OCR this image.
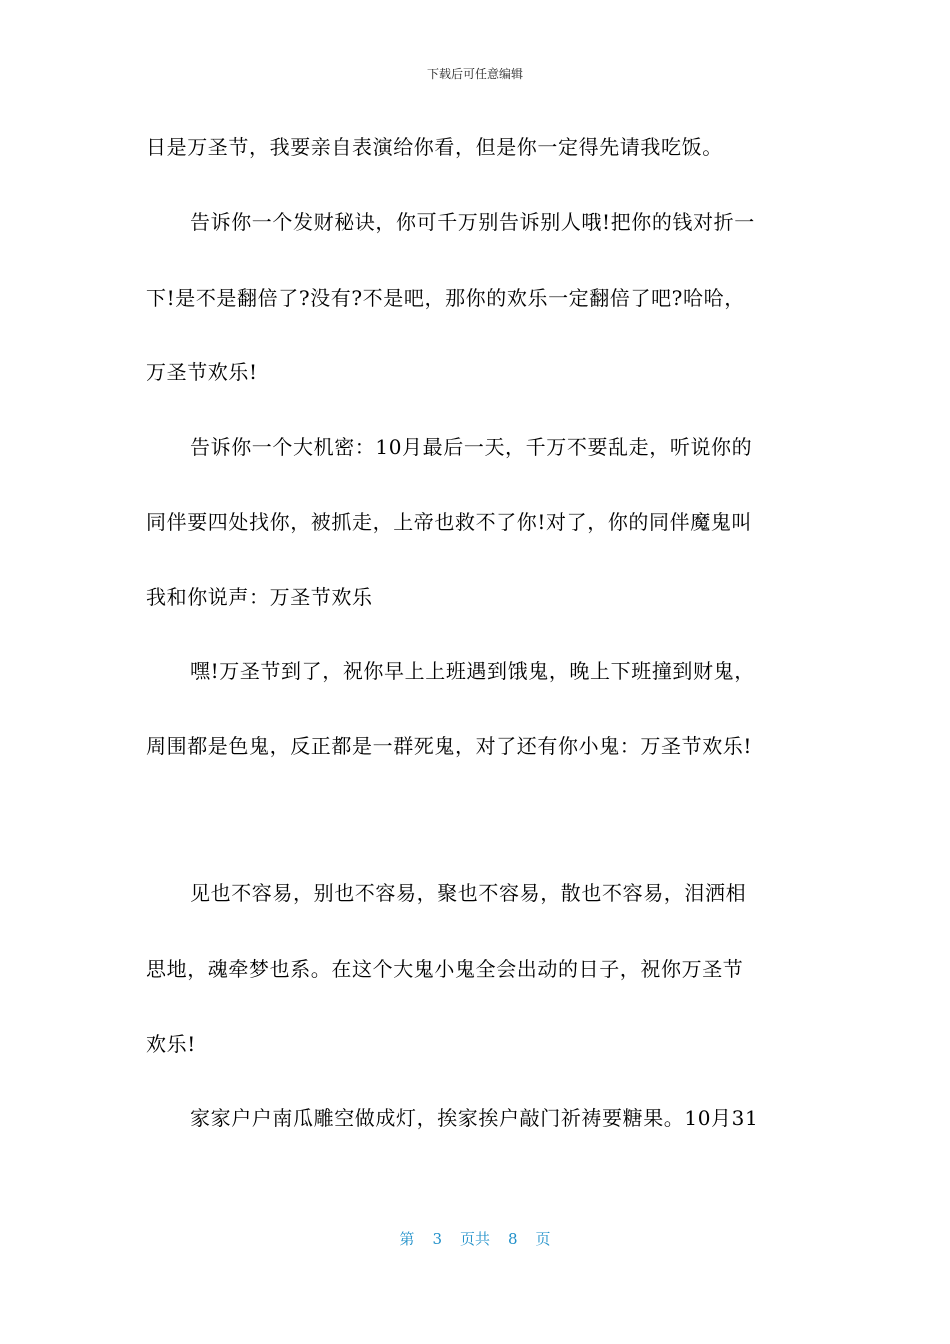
下载后可任意编辑
日是万圣节，我要亲自表演给你看，但是你一定得先请我吃饭。
告诉你一个发财秘诀，你可千万别告诉别人哦!把你的钱对折一
下!是不是翻倍了?没有?不是吧，那你的欢乐一定翻倍了吧?哈哈，
万圣节欢乐!
告诉你一个大机密：10月最后一天，千万不要乱走，听说你的
同伴要四处找你，被抓走，上帝也救不了你!对了，你的同伴魔鬼叫
我和你说声：万圣节欢乐
嘿!万圣节到了，祝你早上上班遇到饿鬼，晚上下班撞到财鬼，
周围都是色鬼，反正都是一群死鬼，对了还有你小鬼：万圣节欢乐!
见也不容易，别也不容易，聚也不容易，散也不容易，泪洒相
思地，魂牵梦也系。在这个大鬼小鬼全会出动的日子，祝你万圣节
欢乐!
家家户户南瓜雕空做成灯，挨家挨户敲门祈祷要糖果。10月31
第 3 页共 8 页
